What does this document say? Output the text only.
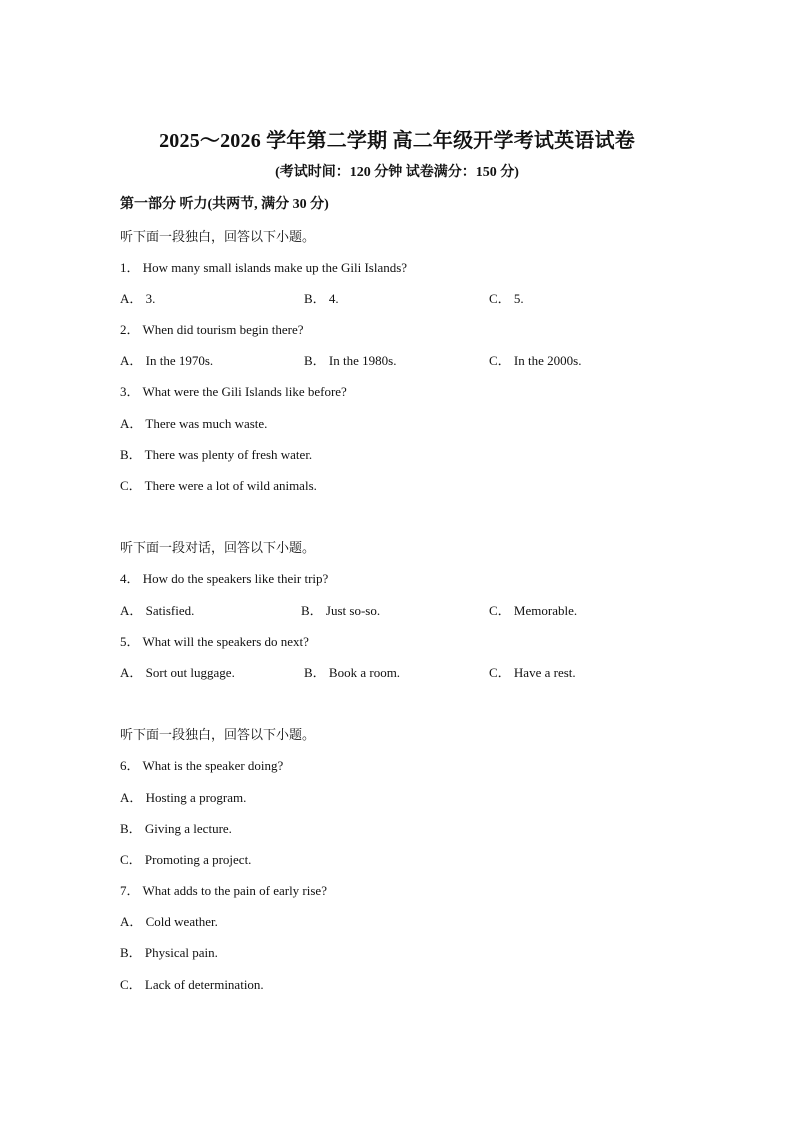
2025～2026 学年第二学期 高二年级开学考试英语试卷
(考试时间：120 分钟 试卷满分：150 分)
第一部分 听力(共两节, 满分 30 分)
听下面一段独白，回答以下小题。
1． How many small islands make up the Gili Islands?
A． 3.	B． 4.	C． 5.
2． When did tourism begin there?
A． In the 1970s.	B． In the 1980s.	C． In the 2000s.
3． What were the Gili Islands like before?
A． There was much waste.
B． There was plenty of fresh water.
C． There were a lot of wild animals.
听下面一段对话，回答以下小题。
4． How do the speakers like their trip?
A． Satisfied.	B． Just so-so.	C． Memorable.
5． What will the speakers do next?
A． Sort out luggage.	B． Book a room.	C． Have a rest.
听下面一段独白，回答以下小题。
6． What is the speaker doing?
A． Hosting a program.
B． Giving a lecture.
C． Promoting a project.
7． What adds to the pain of early rise?
A． Cold weather.
B． Physical pain.
C． Lack of determination.
